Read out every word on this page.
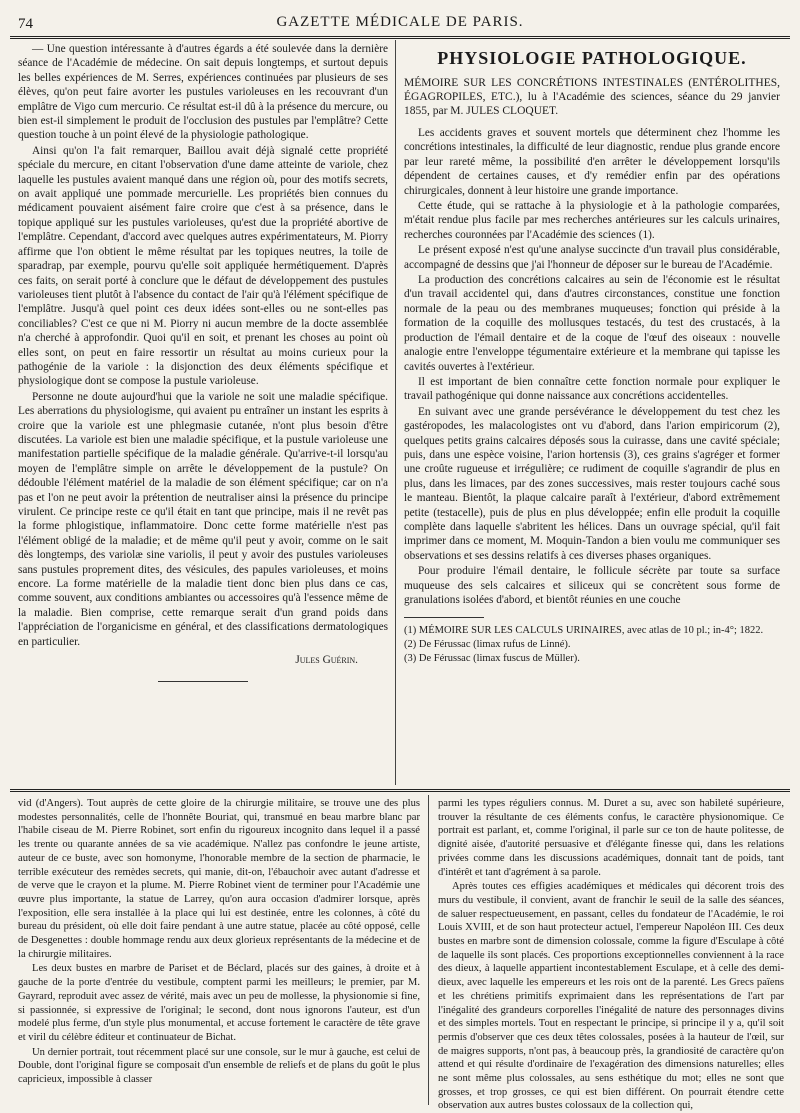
74	GAZETTE MÉDICALE DE PARIS.

— Une question intéressante à d'autres égards a été soulevée dans la dernière séance de l'Académie de médecine. On sait depuis longtemps, et surtout depuis les belles expériences de M. Serres, expériences continuées par plusieurs de ses élèves, qu'on peut faire avorter les pustules varioleuses en les recouvrant d'un emplâtre de Vigo cum mercurio. Ce résultat est-il dû à la présence du mercure, ou bien est-il simplement le produit de l'occlusion des pustules par l'emplâtre? Cette question touche à un point élevé de la physiologie pathologique.

Ainsi qu'on l'a fait remarquer, Baillou avait déjà signalé cette propriété spéciale du mercure, en citant l'observation d'une dame atteinte de variole, chez laquelle les pustules avaient manqué dans une région où, pour des motifs secrets, on avait appliqué une pommade mercurielle. Les propriétés bien connues du médicament pouvaient aisément faire croire que c'est à sa présence, dans le topique appliqué sur les pustules varioleuses, qu'est due la propriété abortive de l'emplâtre. Cependant, d'accord avec quelques autres expérimentateurs, M. Piorry affirme que l'on obtient le même résultat par les topiques neutres, la toile de sparadrap, par exemple, pourvu qu'elle soit appliquée hermétiquement. D'après ces faits, on serait porté à conclure que le défaut de développement des pustules varioleuses tient plutôt à l'absence du contact de l'air qu'à l'élément spécifique de l'emplâtre. Jusqu'à quel point ces deux idées sont-elles ou ne sont-elles pas conciliables? C'est ce que ni M. Piorry ni aucun membre de la docte assemblée n'a cherché à approfondir. Quoi qu'il en soit, et prenant les choses au point où elles sont, on peut en faire ressortir un résultat au moins curieux pour la pathogénie de la variole : la disjonction des deux éléments spécifique et physiologique dont se compose la pustule varioleuse.

Personne ne doute aujourd'hui que la variole ne soit une maladie spécifique. Les aberrations du physiologisme, qui avaient pu entraîner un instant les esprits à croire que la variole est une phlegmasie cutanée, n'ont plus besoin d'être discutées. La variole est bien une maladie spécifique, et la pustule varioleuse une manifestation partielle spécifique de la maladie générale. Qu'arrive-t-il lorsqu'au moyen de l'emplâtre simple on arrête le développement de la pustule? On dédouble l'élément matériel de la maladie de son élément spécifique; car on n'a pas et l'on ne peut avoir la prétention de neutraliser ainsi la présence du principe virulent. Ce principe reste ce qu'il était en tant que principe, mais il ne revêt pas la forme phlogistique, inflammatoire. Donc cette forme matérielle n'est pas l'élément obligé de la maladie; et de même qu'il peut y avoir, comme on le sait dès longtemps, des variolæ sine variolis, il peut y avoir des pustules varioleuses sans pustules proprement dites, des vésicules, des papules varioleuses, et moins encore. La forme matérielle de la maladie tient donc bien plus dans ce cas, comme souvent, aux conditions ambiantes ou accessoires qu'à l'essence même de la maladie. Bien comprise, cette remarque serait d'un grand poids dans l'appréciation de l'organicisme en général, et des classifications dermatologiques en particulier.

Jules Guérin.
PHYSIOLOGIE PATHOLOGIQUE.

MÉMOIRE SUR LES CONCRÉTIONS INTESTINALES (ENTÉROLITHES, ÉGAGROPILES, ETC.), lu à l'Académie des sciences, séance du 29 janvier 1855, par M. JULES CLOQUET.

Les accidents graves et souvent mortels que déterminent chez l'homme les concrétions intestinales, la difficulté de leur diagnostic, rendue plus grande encore par leur rareté même, la possibilité d'en arrêter le développement lorsqu'ils dépendent de certaines causes, et d'y remédier enfin par des opérations chirurgicales, donnent à leur histoire une grande importance.

Cette étude, qui se rattache à la physiologie et à la pathologie comparées, m'était rendue plus facile par mes recherches antérieures sur les calculs urinaires, recherches couronnées par l'Académie des sciences (1).

Le présent exposé n'est qu'une analyse succincte d'un travail plus considérable, accompagné de dessins que j'ai l'honneur de déposer sur le bureau de l'Académie.

La production des concrétions calcaires au sein de l'économie est le résultat d'un travail accidentel qui, dans d'autres circonstances, constitue une fonction normale de la peau ou des membranes muqueuses; fonction qui préside à la formation de la coquille des mollusques testacés, du test des crustacés, à la production de l'émail dentaire et de la coque de l'œuf des oiseaux : nouvelle analogie entre l'enveloppe tégumentaire extérieure et la membrane qui tapisse les cavités ouvertes à l'extérieur.

Il est important de bien connaître cette fonction normale pour expliquer le travail pathogénique qui donne naissance aux concrétions accidentelles.

En suivant avec une grande persévérance le développement du test chez les gastéropodes, les malacologistes ont vu d'abord, dans l'arion empiricorum (2), quelques petits grains calcaires déposés sous la cuirasse, dans une cavité spéciale; puis, dans une espèce voisine, l'arion hortensis (3), ces grains s'agréger et former une croûte rugueuse et irrégulière; ce rudiment de coquille s'agrandir de plus en plus, dans les limaces, par des zones successives, mais rester toujours caché sous le manteau. Bientôt, la plaque calcaire paraît à l'extérieur, d'abord extrêmement petite (testacelle), puis de plus en plus développée; enfin elle produit la coquille complète dans laquelle s'abritent les hélices. Dans un ouvrage spécial, qu'il fait imprimer dans ce moment, M. Moquin-Tandon a bien voulu me communiquer ses observations et ses dessins relatifs à ces diverses phases organiques.

Pour produire l'émail dentaire, le follicule sécrète par toute sa surface muqueuse des sels calcaires et siliceux qui se concrètent sous forme de granulations isolées d'abord, et bientôt réunies en une couche

(1) MÉMOIRE SUR LES CALCULS URINAIRES, avec atlas de 10 pl.; in-4°; 1822.

(2) De Férussac (limax rufus de Linné).

(3) De Férussac (limax fuscus de Müller).

vid (d'Angers). Tout auprès de cette gloire de la chirurgie militaire, se trouve une des plus modestes personnalités, celle de l'honnête Bouriat, qui, transmué en beau marbre blanc par l'habile ciseau de M. Pierre Robinet, sort enfin du rigoureux incognito dans lequel il a passé les trente ou quarante années de sa vie académique. N'allez pas confondre le jeune artiste, auteur de ce buste, avec son homonyme, l'honorable membre de la section de pharmacie, le terrible exécuteur des remèdes secrets, qui manie, dit-on, l'ébauchoir avec autant d'adresse et de verve que le crayon et la plume. M. Pierre Robinet vient de terminer pour l'Académie une œuvre plus importante, la statue de Larrey, qu'on aura occasion d'admirer lorsque, après l'exposition, elle sera installée à la place qui lui est destinée, entre les colonnes, à côté du bureau du président, où elle doit faire pendant à une autre statue, placée au côté opposé, celle de Desgenettes : double hommage rendu aux deux glorieux représentants de la médecine et de la chirurgie militaires.

Les deux bustes en marbre de Pariset et de Béclard, placés sur des gaines, à droite et à gauche de la porte d'entrée du vestibule, comptent parmi les meilleurs; le premier, par M. Gayrard, reproduit avec assez de vérité, mais avec un peu de mollesse, la physionomie si fine, si passionnée, si expressive de l'original; le second, dont nous ignorons l'auteur, est d'un modelé plus ferme, d'un style plus monumental, et accuse fortement le caractère de tête grave et viril du célèbre éditeur et continuateur de Bichat.

Un dernier portrait, tout récemment placé sur une console, sur le mur à gauche, est celui de Double, dont l'original figure se composait d'un ensemble de reliefs et de plans du goût le plus capricieux, impossible à classer

parmi les types réguliers connus. M. Duret a su, avec son habileté supérieure, trouver la résultante de ces éléments confus, le caractère physionomique. Ce portrait est parlant, et, comme l'original, il parle sur ce ton de haute politesse, de dignité aisée, d'autorité persuasive et d'élégante finesse qui, dans les relations privées comme dans les discussions académiques, donnait tant de poids, tant d'intérêt et tant d'agrément à sa parole.

Après toutes ces effigies académiques et médicales qui décorent trois des murs du vestibule, il convient, avant de franchir le seuil de la salle des séances, de saluer respectueusement, en passant, celles du fondateur de l'Académie, le roi Louis XVIII, et de son haut protecteur actuel, l'empereur Napoléon III. Ces deux bustes en marbre sont de dimension colossale, comme la figure d'Esculape à côté de laquelle ils sont placés. Ces proportions exceptionnelles conviennent à la race des dieux, à laquelle appartient incontestablement Esculape, et à celle des demi-dieux, avec laquelle les empereurs et les rois ont de la parenté. Les Grecs païens et les chrétiens primitifs exprimaient dans les représentations de l'art par l'inégalité des grandeurs corporelles l'inégalité de nature des personnages divins et des simples mortels. Tout en respectant le principe, si principe il y a, qu'il soit permis d'observer que ces deux têtes colossales, posées à la hauteur de l'œil, sur de maigres supports, n'ont pas, à beaucoup près, la grandiosité de caractère qu'on attend et qui résulte d'ordinaire de l'exagération des dimensions naturelles; elles ne sont même plus colossales, au sens esthétique du mot; elles ne sont que grosses, et trop grosses, ce qui est bien différent. On pourrait étendre cette observation aux autres bustes colossaux de la collection qui,
